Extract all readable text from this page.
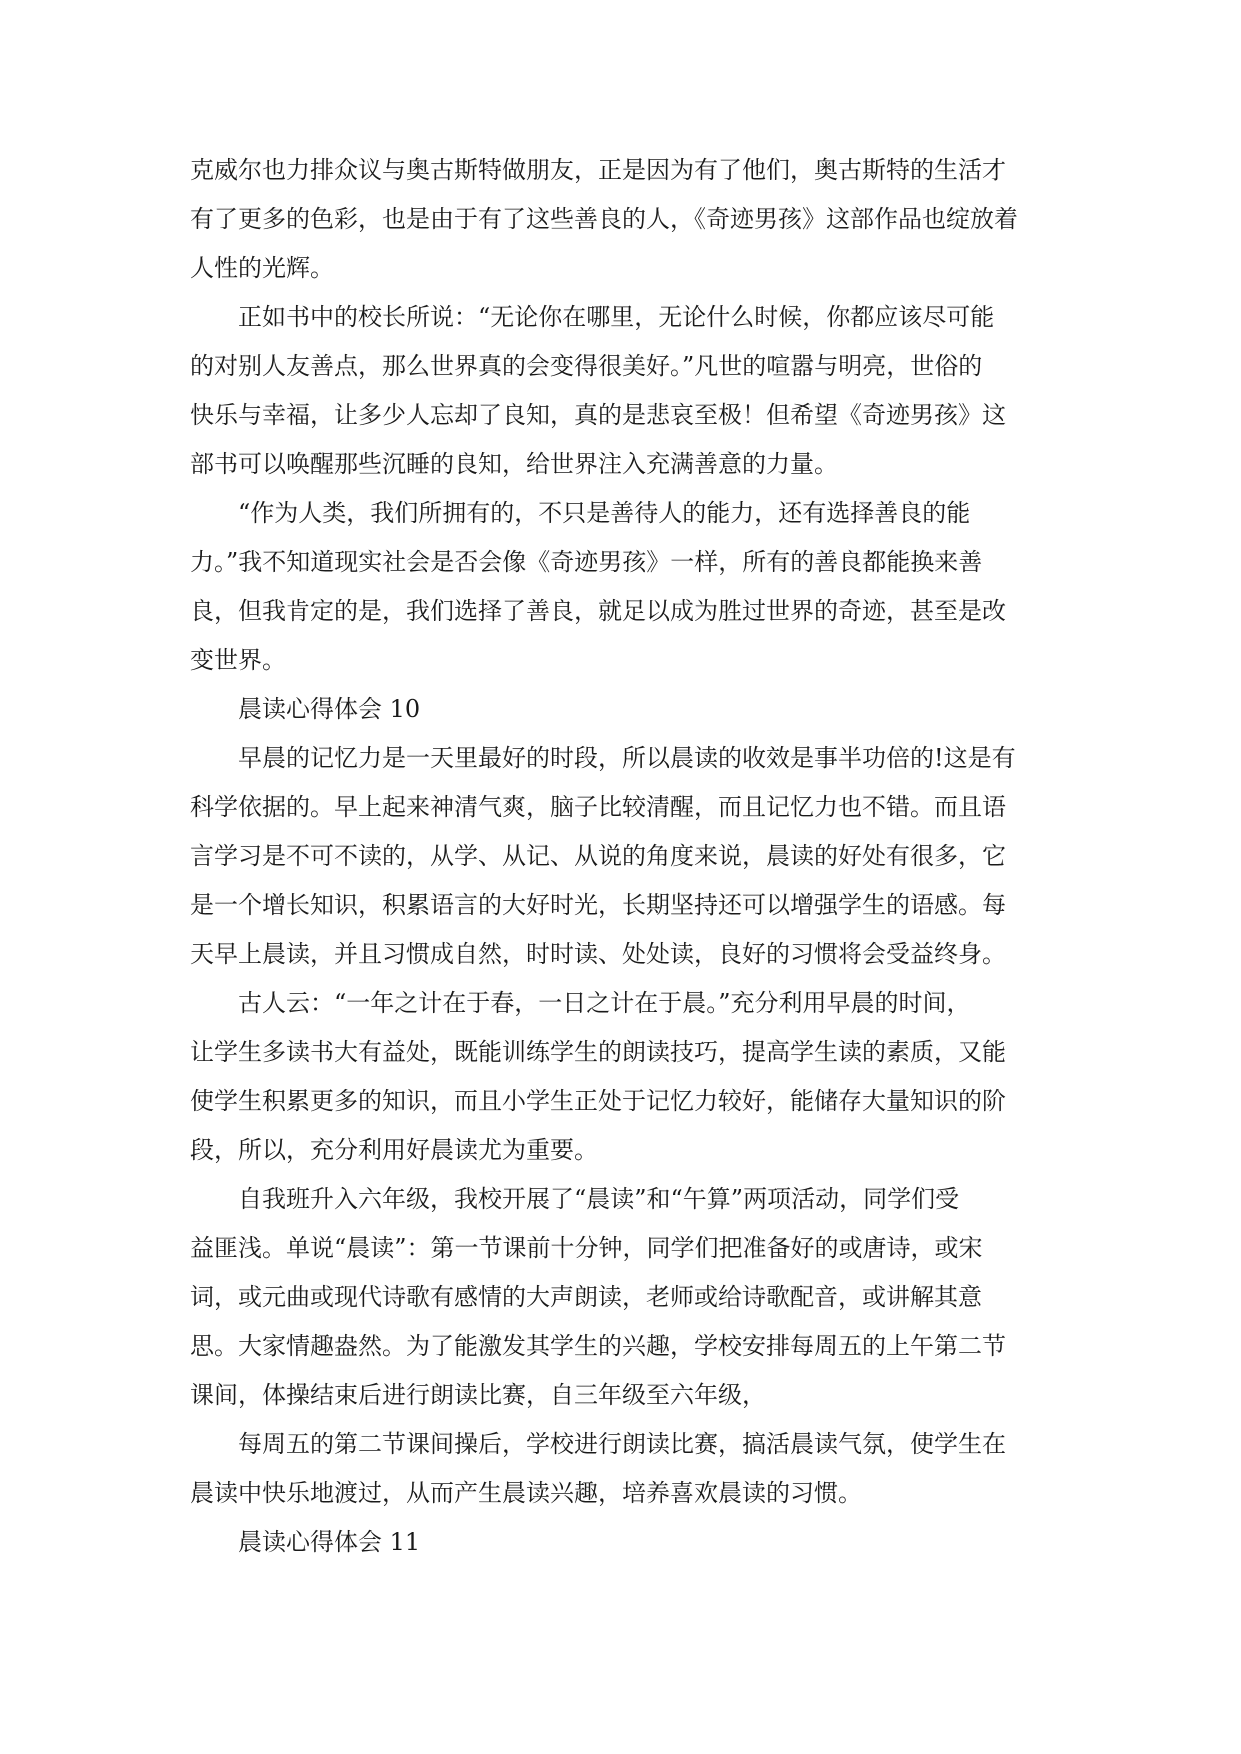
克威尔也力排众议与奥古斯特做朋友，正是因为有了他们，奥古斯特的生活才
有了更多的色彩，也是由于有了这些善良的人，《奇迹男孩》这部作品也绽放着
人性的光辉。
正如书中的校长所说：“无论你在哪里，无论什么时候，你都应该尽可能
的对别人友善点，那么世界真的会变得很美好。”凡世的喧嚣与明亮，世俗的
快乐与幸福，让多少人忘却了良知，真的是悲哀至极！但希望《奇迹男孩》这
部书可以唤醒那些沉睡的良知，给世界注入充满善意的力量。
“作为人类，我们所拥有的，不只是善待人的能力，还有选择善良的能
力。”我不知道现实社会是否会像《奇迹男孩》一样，所有的善良都能换来善
良，但我肯定的是，我们选择了善良，就足以成为胜过世界的奇迹，甚至是改
变世界。
晨读心得体会 10
早晨的记忆力是一天里最好的时段，所以晨读的收效是事半功倍的!这是有
科学依据的。早上起来神清气爽，脑子比较清醒，而且记忆力也不错。而且语
言学习是不可不读的，从学、从记、从说的角度来说，晨读的好处有很多，它
是一个增长知识，积累语言的大好时光，长期坚持还可以增强学生的语感。每
天早上晨读，并且习惯成自然，时时读、处处读，良好的习惯将会受益终身。
古人云：“一年之计在于春，一日之计在于晨。”充分利用早晨的时间，
让学生多读书大有益处，既能训练学生的朗读技巧，提高学生读的素质，又能
使学生积累更多的知识，而且小学生正处于记忆力较好，能储存大量知识的阶
段，所以，充分利用好晨读尤为重要。
自我班升入六年级，我校开展了“晨读”和“午算”两项活动，同学们受
益匪浅。单说“晨读”：第一节课前十分钟，同学们把准备好的或唐诗，或宋
词，或元曲或现代诗歌有感情的大声朗读，老师或给诗歌配音，或讲解其意
思。大家情趣盎然。为了能激发其学生的兴趣，学校安排每周五的上午第二节
课间，体操结束后进行朗读比赛，自三年级至六年级，
每周五的第二节课间操后，学校进行朗读比赛，搞活晨读气氛，使学生在
晨读中快乐地渡过，从而产生晨读兴趣，培养喜欢晨读的习惯。
晨读心得体会 11
